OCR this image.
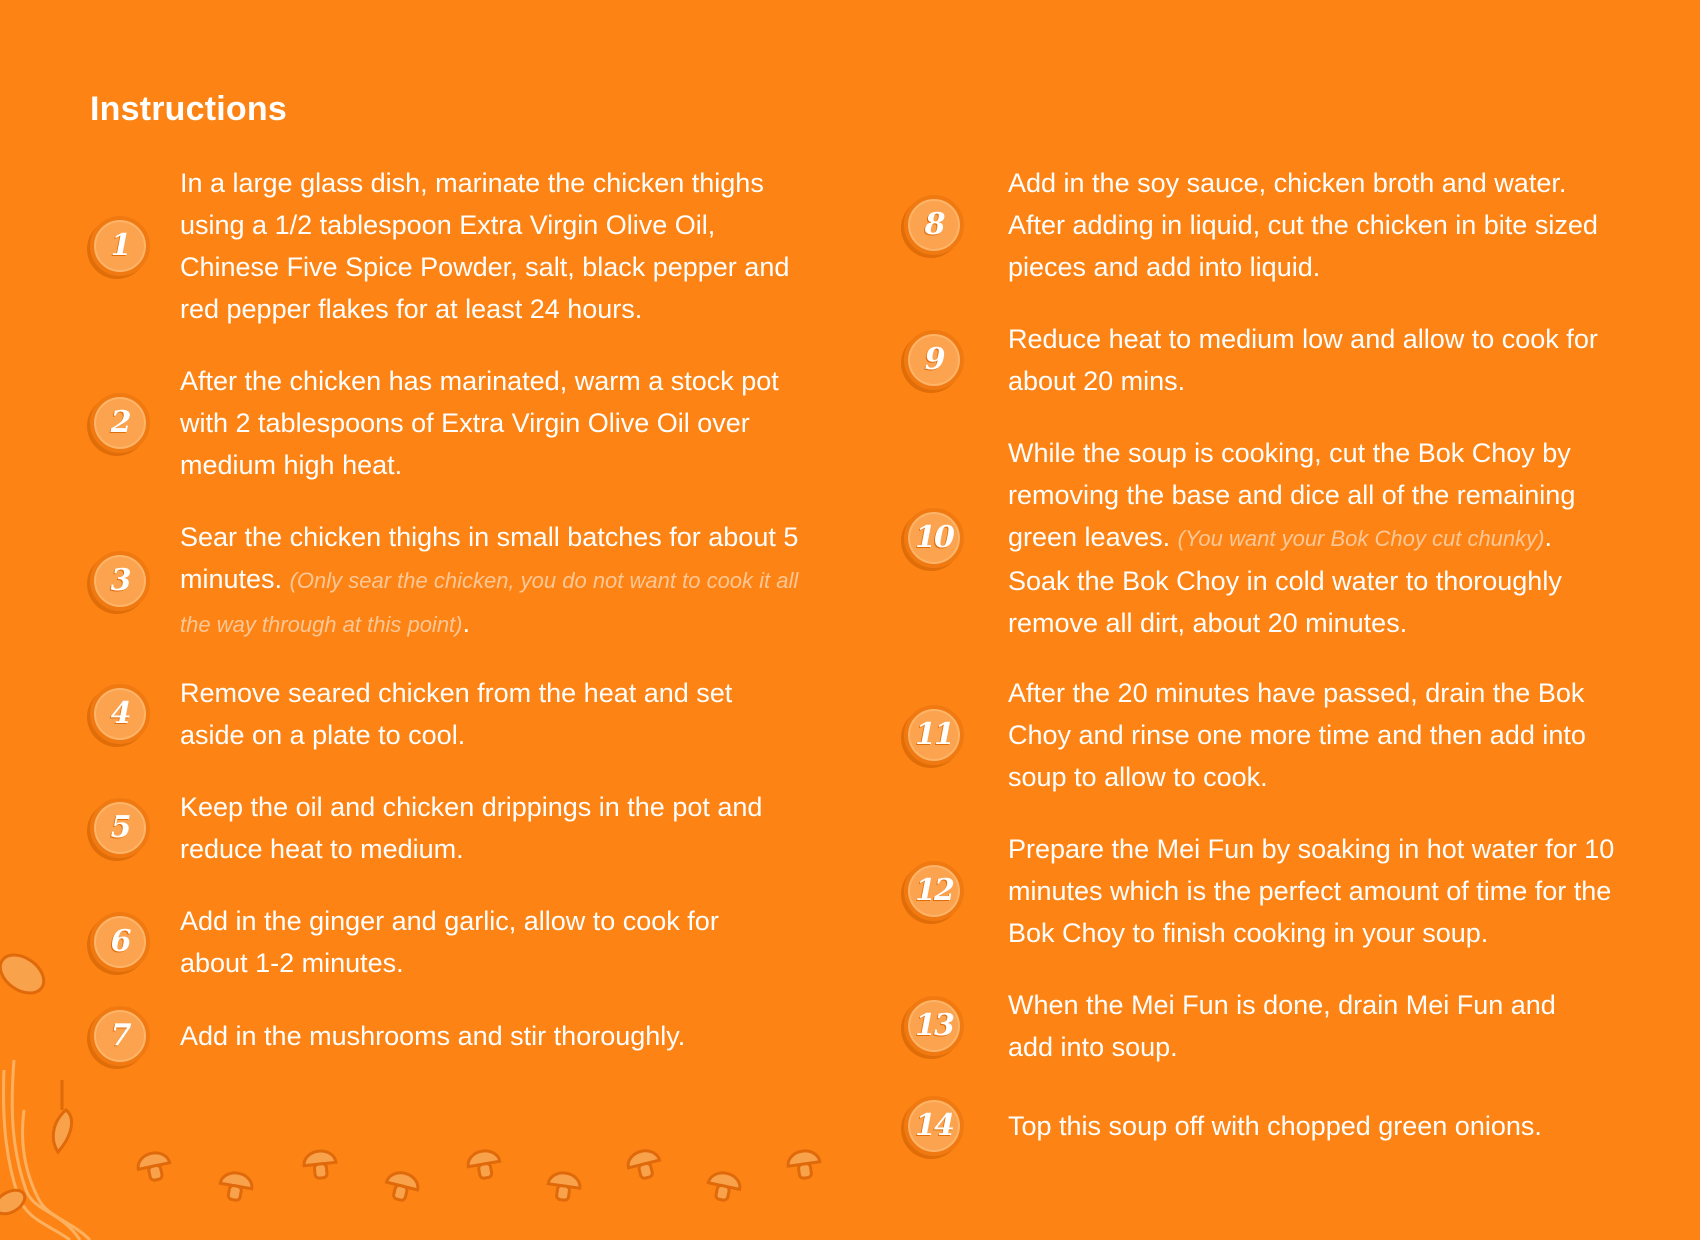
Instructions
1
In a large glass dish, marinate the chicken thighs using a 1/2 tablespoon Extra Virgin Olive Oil, Chinese Five Spice Powder, salt, black pepper and red pepper flakes for at least 24 hours.
2
After the chicken has marinated, warm a stock pot with 2 tablespoons of Extra Virgin Olive Oil over medium high heat.
3
Sear the chicken thighs in small batches for about 5 minutes. (Only sear the chicken, you do not want to cook it all the way through at this point).
4
Remove seared chicken from the heat and set aside on a plate to cool.
5
Keep the oil and chicken drippings in the pot and reduce heat to medium.
6
Add in the ginger and garlic, allow to cook for about 1-2 minutes.
7	Add in the mushrooms and stir thoroughly.
8
Add in the soy sauce, chicken broth and water. After adding in liquid, cut the chicken in bite sized pieces and add into liquid.
9
Reduce heat to medium low and allow to cook for about 20 mins.
10
While the soup is cooking, cut the Bok Choy by removing the base and dice all of the remaining green leaves. (You want your Bok Choy cut chunky). Soak the Bok Choy in cold water to thoroughly remove all dirt, about 20 minutes.
11
After the 20 minutes have passed, drain the Bok Choy and rinse one more time and then add into soup to allow to cook.
12
Prepare the Mei Fun by soaking in hot water for 10 minutes which is the perfect amount of time for the Bok Choy to finish cooking in your soup.
13
When the Mei Fun is done, drain Mei Fun and add into soup.
14	Top this soup off with chopped green onions.
